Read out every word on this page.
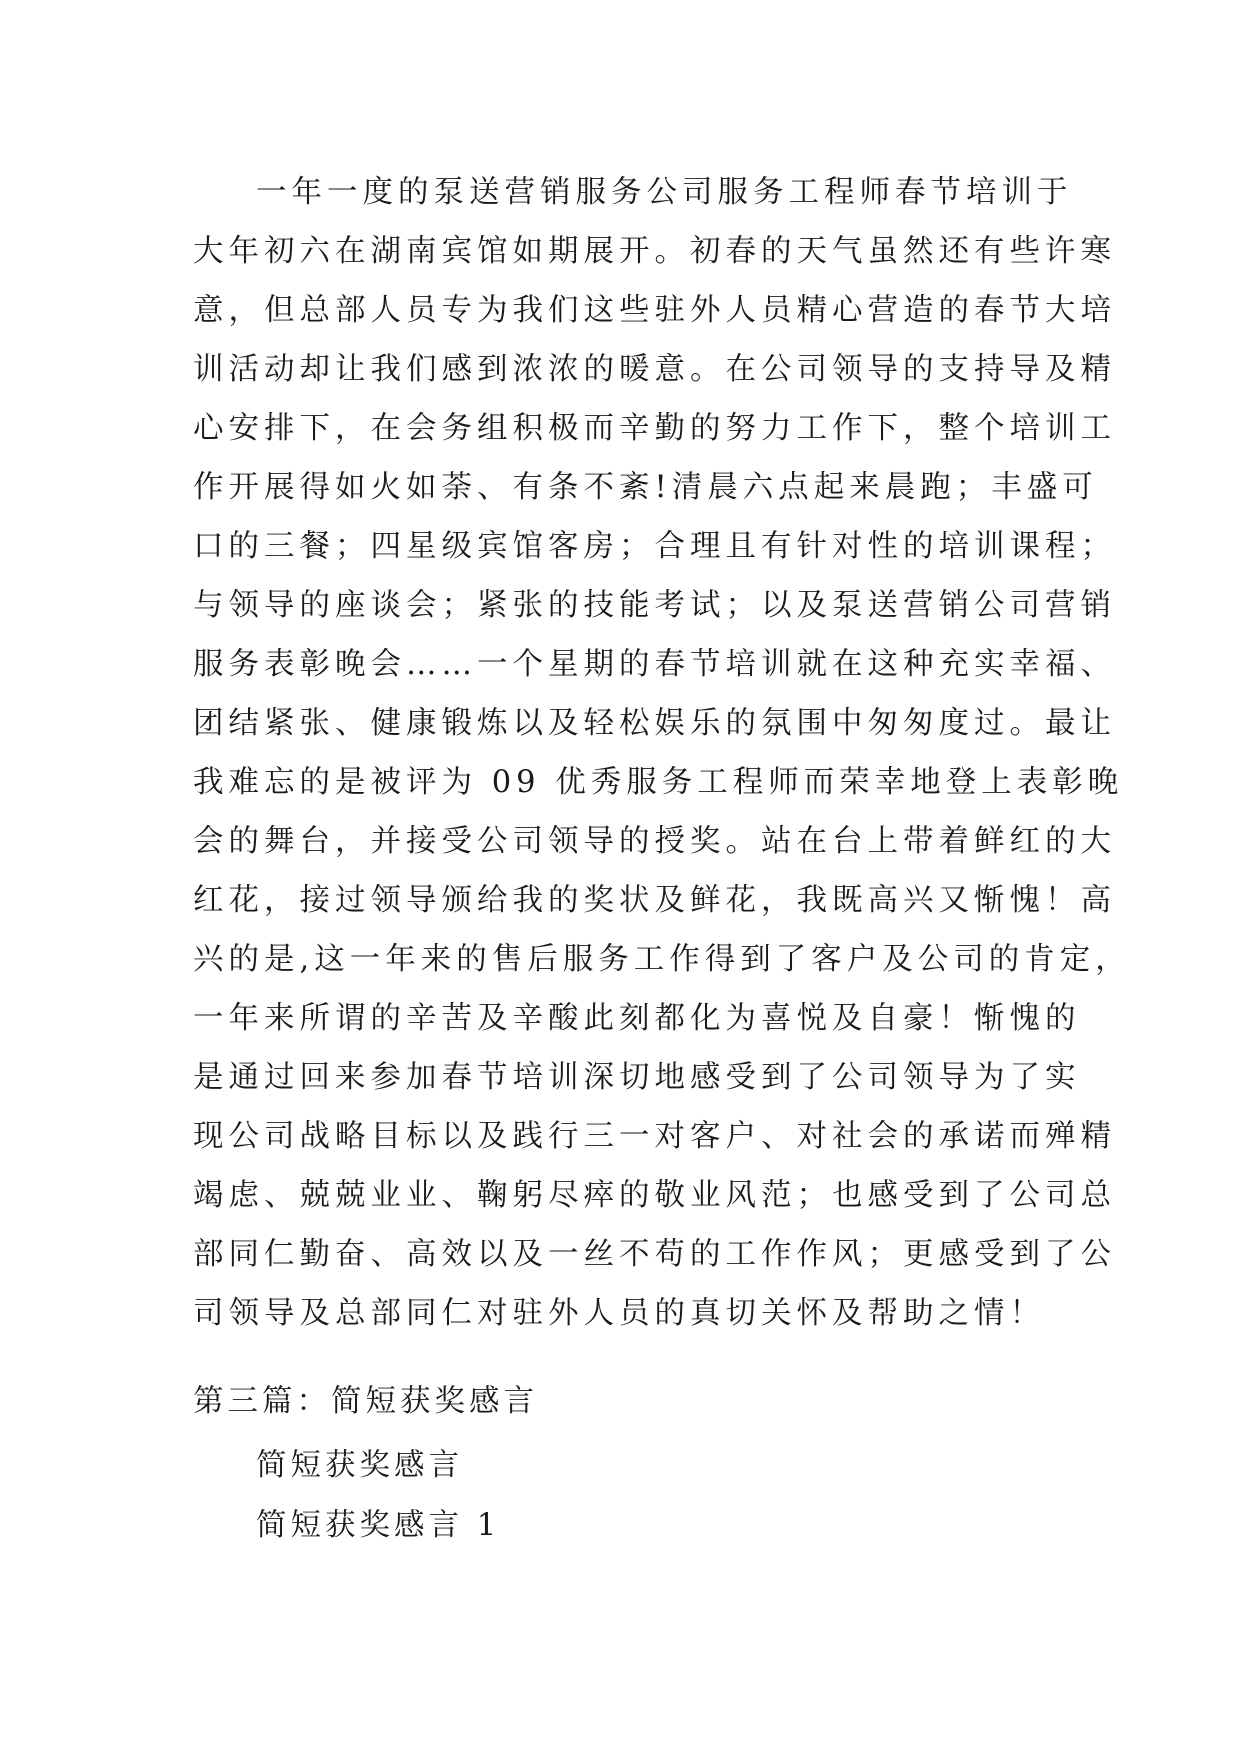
一年一度的泵送营销服务公司服务工程师春节培训于
大年初六在湖南宾馆如期展开。初春的天气虽然还有些许寒
意，但总部人员专为我们这些驻外人员精心营造的春节大培
训活动却让我们感到浓浓的暖意。在公司领导的支持导及精
心安排下，在会务组积极而辛勤的努力工作下，整个培训工
作开展得如火如荼、有条不紊!清晨六点起来晨跑；丰盛可
口的三餐；四星级宾馆客房；合理且有针对性的培训课程；
与领导的座谈会；紧张的技能考试；以及泵送营销公司营销
服务表彰晚会……一个星期的春节培训就在这种充实幸福、
团结紧张、健康锻炼以及轻松娱乐的氛围中匆匆度过。最让
我难忘的是被评为 09 优秀服务工程师而荣幸地登上表彰晚
会的舞台，并接受公司领导的授奖。站在台上带着鲜红的大
红花，接过领导颁给我的奖状及鲜花，我既高兴又惭愧！高
兴的是,这一年来的售后服务工作得到了客户及公司的肯定，
一年来所谓的辛苦及辛酸此刻都化为喜悦及自豪！惭愧的
是通过回来参加春节培训深切地感受到了公司领导为了实
现公司战略目标以及践行三一对客户、对社会的承诺而殚精
竭虑、兢兢业业、鞠躬尽瘁的敬业风范；也感受到了公司总
部同仁勤奋、高效以及一丝不苟的工作作风；更感受到了公
司领导及总部同仁对驻外人员的真切关怀及帮助之情！
第三篇：简短获奖感言
简短获奖感言
简短获奖感言 1
